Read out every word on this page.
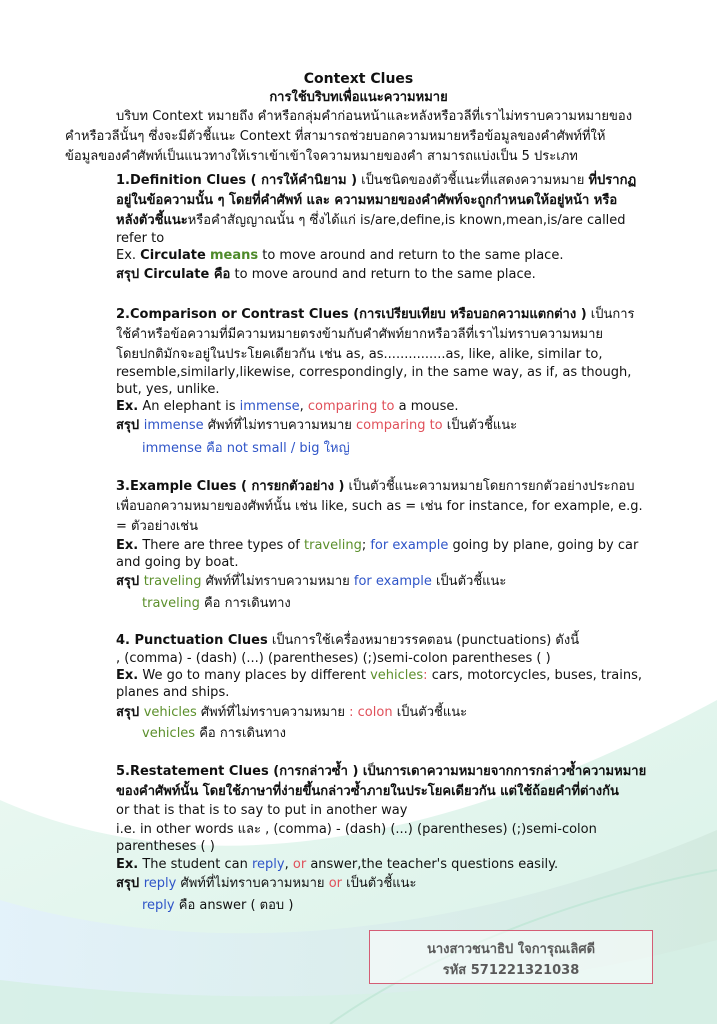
Context Clues
การใช้บริบทเพื่อแนะความหมาย
บริบท Context หมายถึง คำหรือกลุ่มคำก่อนหน้าและหลังหรือวลีที่เราไม่ทราบความหมายของ
คำหรือวลีนั้นๆ ซึ่งจะมีตัวชี้แนะ Context ที่สามารถช่วยบอกความหมายหรือข้อมูลของคำศัพท์ที่ให้
ข้อมูลของคำศัพท์เป็นแนวทางให้เราเข้าเข้าใจความหมายของคำ สามารถแบ่งเป็น 5 ประเภท
1.Definition Clues ( การให้คำนิยาม ) เป็นชนิดของตัวชี้แนะที่แสดงความหมาย ที่ปรากฏ
อยู่ในข้อความนั้น ๆ โดยที่คำศัพท์ และ ความหมายของคำศัพท์จะถูกกำหนดให้อยู่หน้า หรือ
หลังตัวชี้แนะหรือคำสัญญาณนั้น ๆ ซึ่งได้แก่ is/are,define,is known,mean,is/are called
refer to
Ex. Circulate means to move around and return to the same place.
สรุป Circulate คือ to move around and return to the same place.
2.Comparison or Contrast Clues (การเปรียบเทียบ หรือบอกความแตกต่าง ) เป็นการ
ใช้คำหรือข้อความที่มีความหมายตรงข้ามกับคำศัพท์ยากหรือวลีที่เราไม่ทราบความหมาย
โดยปกติมักจะอยู่ในประโยคเดียวกัน เช่น as, as...............as, like, alike, similar to,
resemble,similarly,likewise, correspondingly, in the same way, as if, as though,
but, yes, unlike.
Ex. An elephant is immense, comparing to a mouse.
สรุป immense ศัพท์ที่ไม่ทราบความหมาย comparing to เป็นตัวชี้แนะ
immense คือ not small / big ใหญ่
3.Example Clues ( การยกตัวอย่าง ) เป็นตัวชี้แนะความหมายโดยการยกตัวอย่างประกอบ
เพื่อบอกความหมายของศัพท์นั้น เช่น like, such as = เช่น for instance, for example, e.g.
= ตัวอย่างเช่น
Ex. There are three types of traveling; for example going by plane, going by car
and going by boat.
สรุป traveling ศัพท์ที่ไม่ทราบความหมาย for example เป็นตัวชี้แนะ
traveling คือ การเดินทาง
4. Punctuation Clues เป็นการใช้เครื่องหมายวรรคตอน (punctuations) ดังนี้
, (comma) - (dash) (...) (parentheses) (;)semi-colon parentheses ( )
Ex. We go to many places by different vehicles: cars, motorcycles, buses, trains,
planes and ships.
สรุป vehicles ศัพท์ที่ไม่ทราบความหมาย : colon เป็นตัวชี้แนะ
vehicles คือ การเดินทาง
5.Restatement Clues (การกล่าวซ้ำ ) เป็นการเดาความหมายจากการกล่าวซ้ำความหมาย
ของคำศัพท์นั้น โดยใช้ภาษาที่ง่ายขึ้นกล่าวซ้ำภายในประโยคเดียวกัน แต่ใช้ถ้อยคำที่ต่างกัน
or that is that is to say to put in another way
i.e. in other words และ , (comma) - (dash) (...) (parentheses) (;)semi-colon
parentheses ( )
Ex. The student can reply, or answer,the teacher's questions easily.
สรุป reply ศัพท์ที่ไม่ทราบความหมาย or เป็นตัวชี้แนะ
reply คือ answer ( ตอบ )
นางสาวชนาธิป ใจการุณเลิศดี
รหัส 571221321038
